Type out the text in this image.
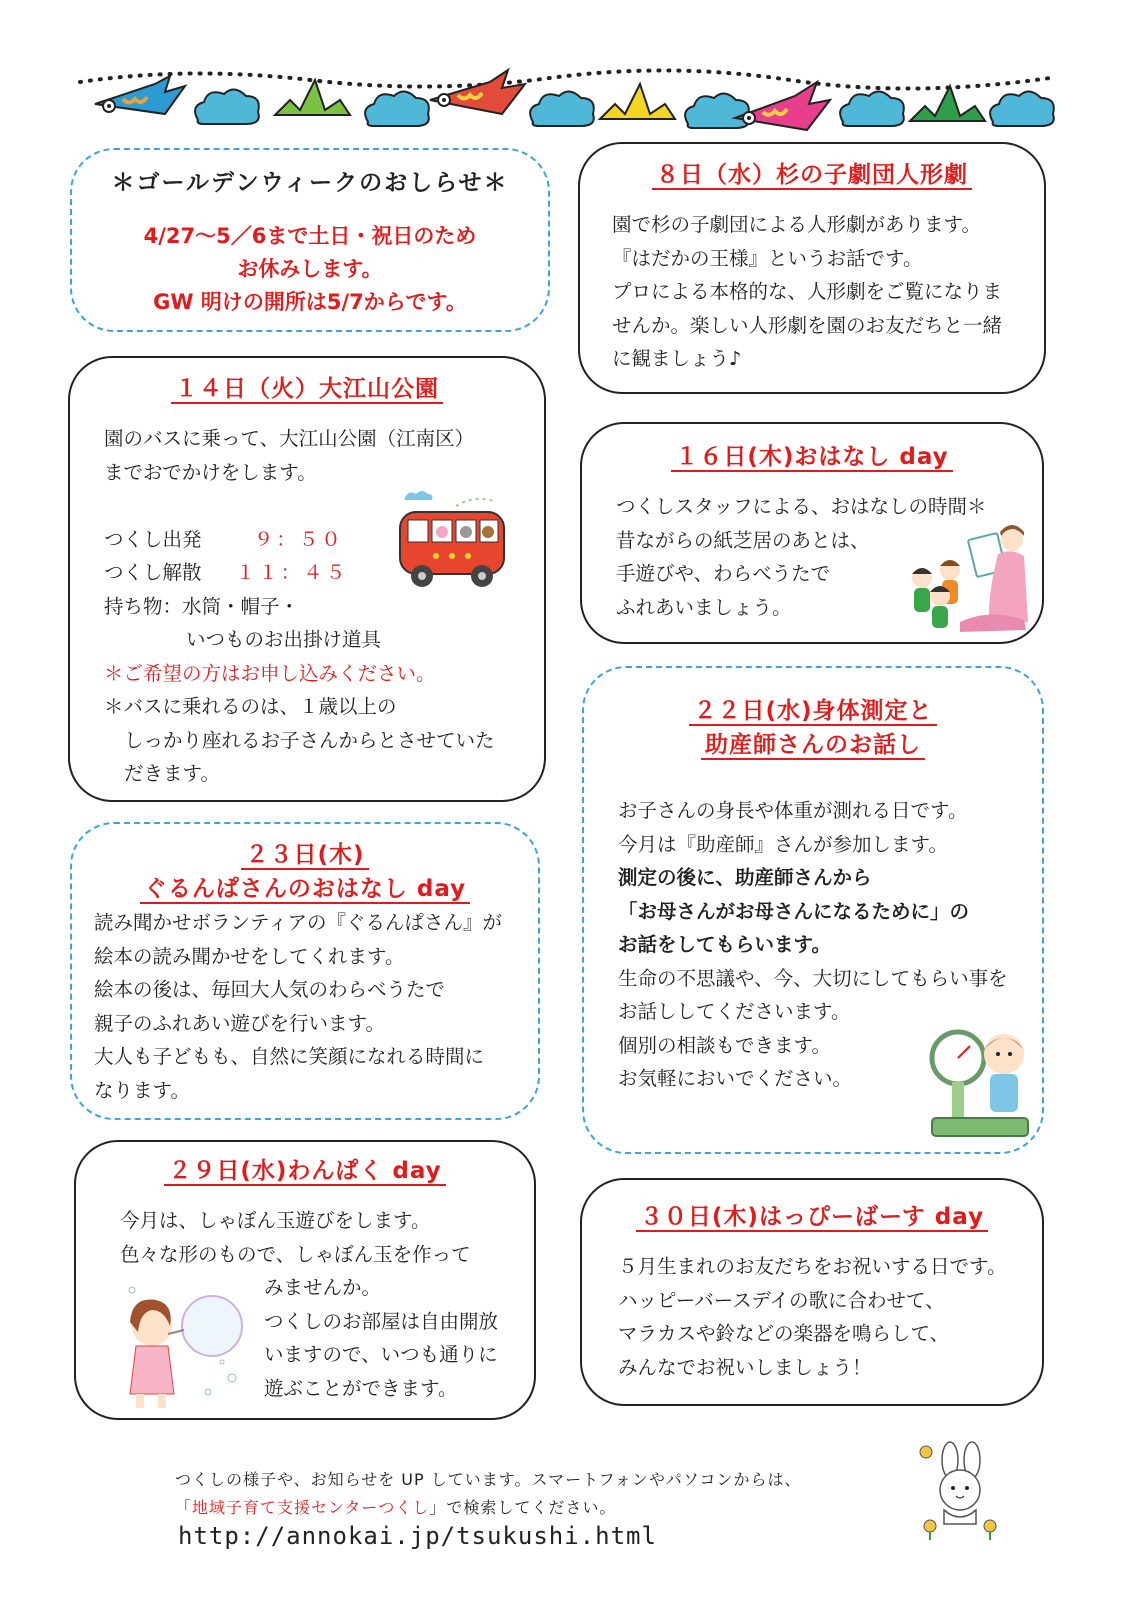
＊ゴールデンウィークのおしらせ＊
4/27～5／6まで土日・祝日のため
お休みします。
GW 明けの開所は5/7からです。
８日（水）杉の子劇団人形劇
園で杉の子劇団による人形劇があります。
『はだかの王様』というお話です。
プロによる本格的な、人形劇をご覧になりま
せんか。楽しい人形劇を園のお友だちと一緒
に観ましょう♪
１４日（火）大江山公園
園のバスに乗って、大江山公園（江南区）
までおでかけをします。

つくし出発	９：５０
つくし解散 １１：４５
持ち物：水筒・帽子・
いつものお出掛け道具
＊ご希望の方はお申し込みください。
＊バスに乗れるのは、１歳以上の
しっかり座れるお子さんからとさせていた
だきます。
１６日(木)おはなし day
つくしスタッフによる、おはなしの時間＊
昔ながらの紙芝居のあとは、
手遊びや、わらべうたで
ふれあいましょう。
２２日(水)身体測定と
助産師さんのお話し
お子さんの身長や体重が測れる日です。
今月は『助産師』さんが参加します。
測定の後に、助産師さんから
「お母さんがお母さんになるために」の
お話をしてもらいます。
生命の不思議や、今、大切にしてもらい事を
お話ししてくださいます。
個別の相談もできます。
お気軽においでください。
２３日(木)
ぐるんぱさんのおはなし day
読み聞かせボランティアの『ぐるんぱさん』が
絵本の読み聞かせをしてくれます。
絵本の後は、毎回大人気のわらべうたで
親子のふれあい遊びを行います。
大人も子どもも、自然に笑顔になれる時間に
なります。
２９日(水)わんぱく day
今月は、しゃぼん玉遊びをします。
色々な形のもので、しゃぼん玉を作って
みませんか。
つくしのお部屋は自由開放
いますので、いつも通りに
遊ぶことができます。
３０日(木)はっぴーばーす day
５月生まれのお友だちをお祝いする日です。
ハッピーバースデイの歌に合わせて、
マラカスや鈴などの楽器を鳴らして、
みんなでお祝いしましょう！
つくしの様子や、お知らせを UP しています。スマートフォンやパソコンからは、
「地域子育て支援センターつくし」で検索してください。
http://annokai.jp/tsukushi.html
